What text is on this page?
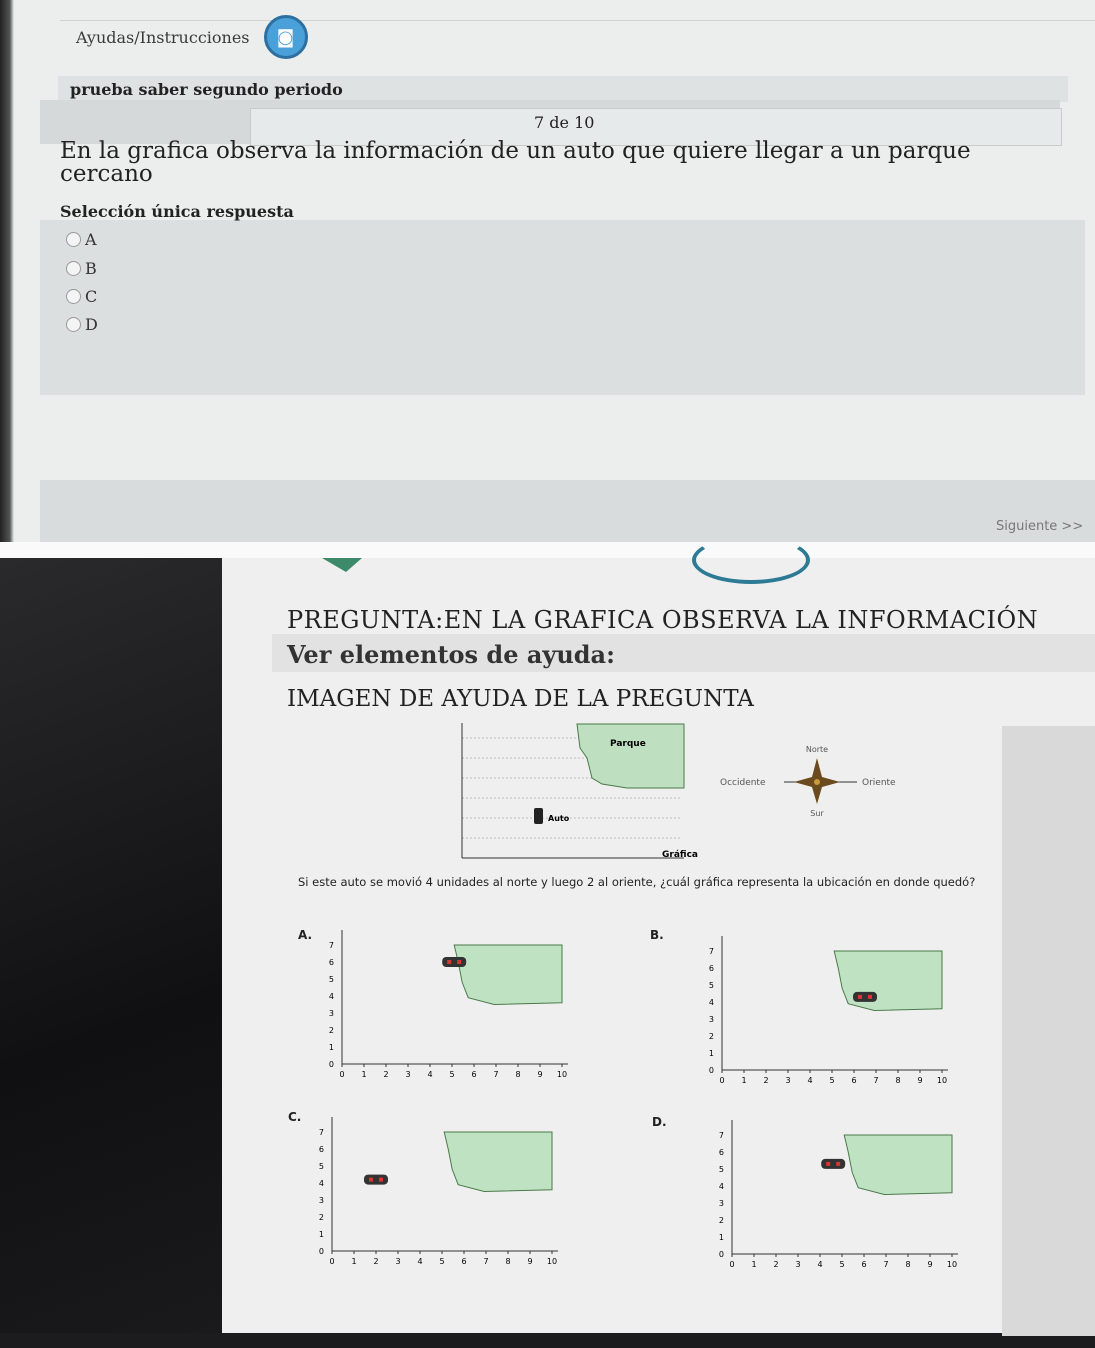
Ayudas/Instrucciones ◙
prueba saber segundo periodo
7 de 10
En la grafica observa la información de un auto que quiere llegar a un parque cercano
Selección única respuesta
A
B
C
D
Siguiente >>
PREGUNTA:EN LA GRAFICA OBSERVA LA INFORMACIÓN
Ver elementos de ayuda:
IMAGEN DE AYUDA DE LA PREGUNTA
Parque
Auto
Gráfica
Norte
Occidente	Oriente
Sur
Si este auto se movió 4 unidades al norte y luego 2 al oriente, ¿cuál gráfica representa la ubicación en donde quedó?
A.	B.
C.	D.
0 1 2 3 4 5 6 7 8 9 10
0
1
2
3
4
5
6
7
0 1 2 3 4 5 6 7 8 9 10
0
1
2
3
4
5
6
7
0 1 2 3 4 5 6 7 8 9 10
0
1
2
3
4
5
6
7
0 1 2 3 4 5 6 7 8 9 10
0
1
2
3
4
5
6
7
